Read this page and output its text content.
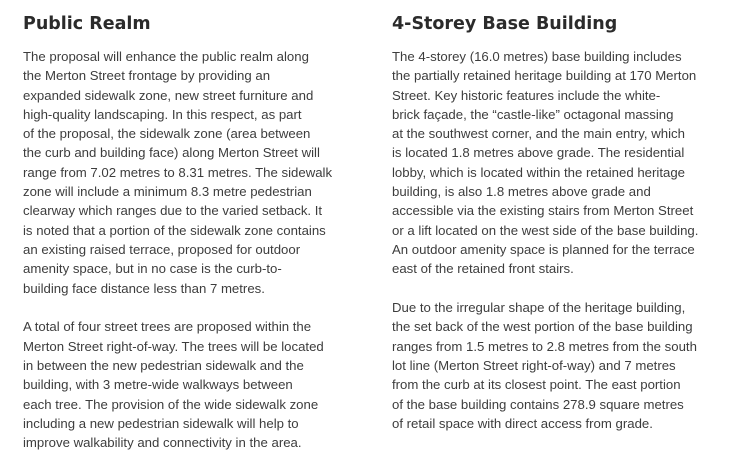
Public Realm
The proposal will enhance the public realm along
the Merton Street frontage by providing an
expanded sidewalk zone, new street furniture and
high-quality landscaping. In this respect, as part
of the proposal, the sidewalk zone (area between
the curb and building face) along Merton Street will
range from 7.02 metres to 8.31 metres. The sidewalk
zone will include a minimum 8.3 metre pedestrian
clearway which ranges due to the varied setback. It
is noted that a portion of the sidewalk zone contains
an existing raised terrace, proposed for outdoor
amenity space, but in no case is the curb-to-
building face distance less than 7 metres.
A total of four street trees are proposed within the
Merton Street right-of-way. The trees will be located
in between the new pedestrian sidewalk and the
building, with 3 metre-wide walkways between
each tree. The provision of the wide sidewalk zone
including a new pedestrian sidewalk will help to
improve walkability and connectivity in the area.
4-Storey Base Building
The 4-storey (16.0 metres) base building includes
the partially retained heritage building at 170 Merton
Street. Key historic features include the white-
brick façade, the “castle-like” octagonal massing
at the southwest corner, and the main entry, which
is located 1.8 metres above grade. The residential
lobby, which is located within the retained heritage
building, is also 1.8 metres above grade and
accessible via the existing stairs from Merton Street
or a lift located on the west side of the base building.
An outdoor amenity space is planned for the terrace
east of the retained front stairs.
Due to the irregular shape of the heritage building,
the set back of the west portion of the base building
ranges from 1.5 metres to 2.8 metres from the south
lot line (Merton Street right-of-way) and 7 metres
from the curb at its closest point. The east portion
of the base building contains 278.9 square metres
of retail space with direct access from grade.
